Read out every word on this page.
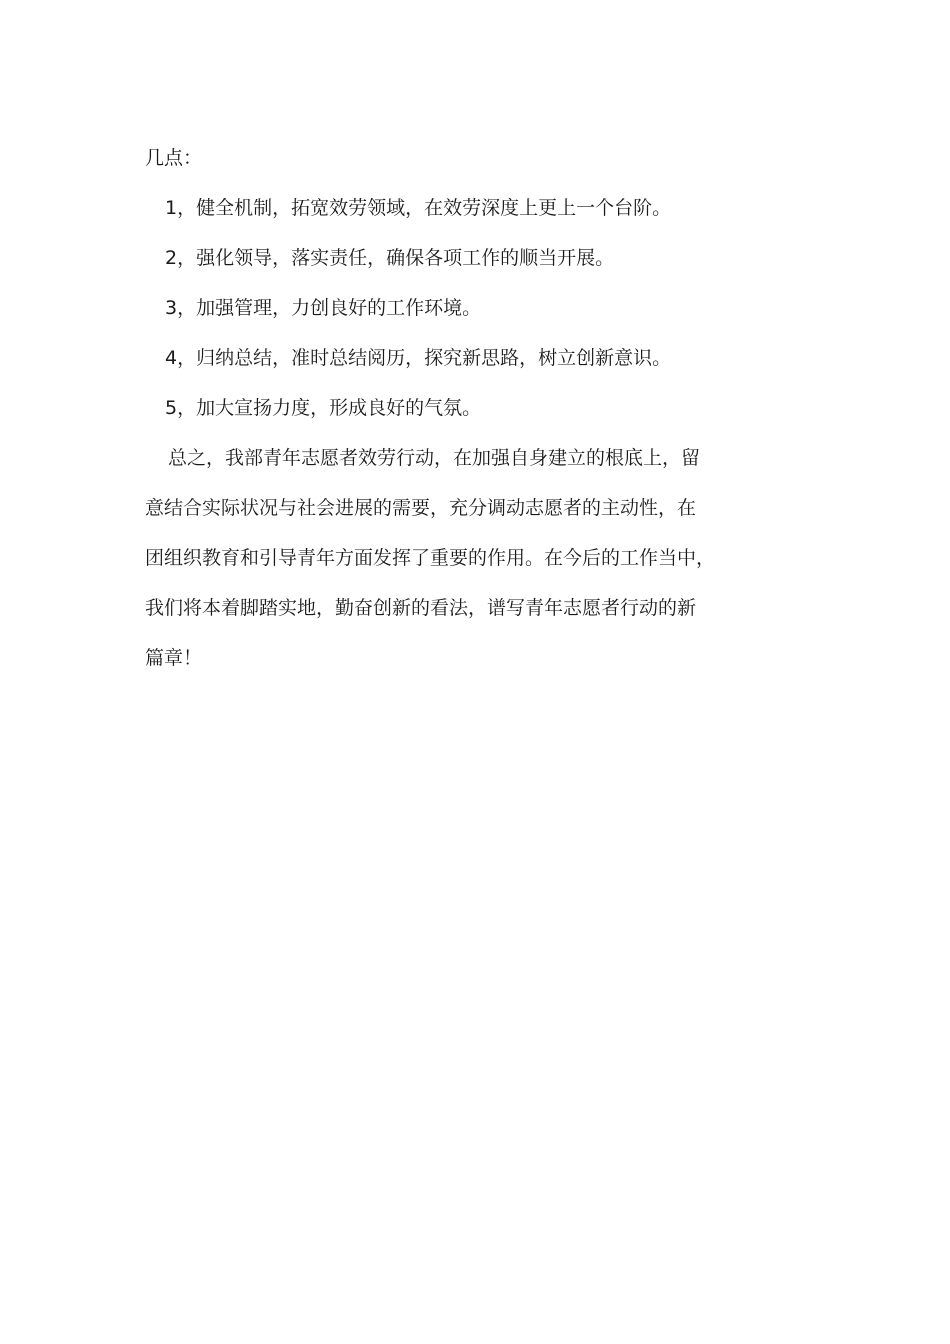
几点：
1，健全机制，拓宽效劳领域，在效劳深度上更上一个台阶。
2，强化领导，落实责任，确保各项工作的顺当开展。
3，加强管理，力创良好的工作环境。
4，归纳总结，准时总结阅历，探究新思路，树立创新意识。
5，加大宣扬力度，形成良好的气氛。
总之，我部青年志愿者效劳行动，在加强自身建立的根底上，留
意结合实际状况与社会进展的需要，充分调动志愿者的主动性，在
团组织教育和引导青年方面发挥了重要的作用。在今后的工作当中，
我们将本着脚踏实地，勤奋创新的看法，谱写青年志愿者行动的新
篇章！
